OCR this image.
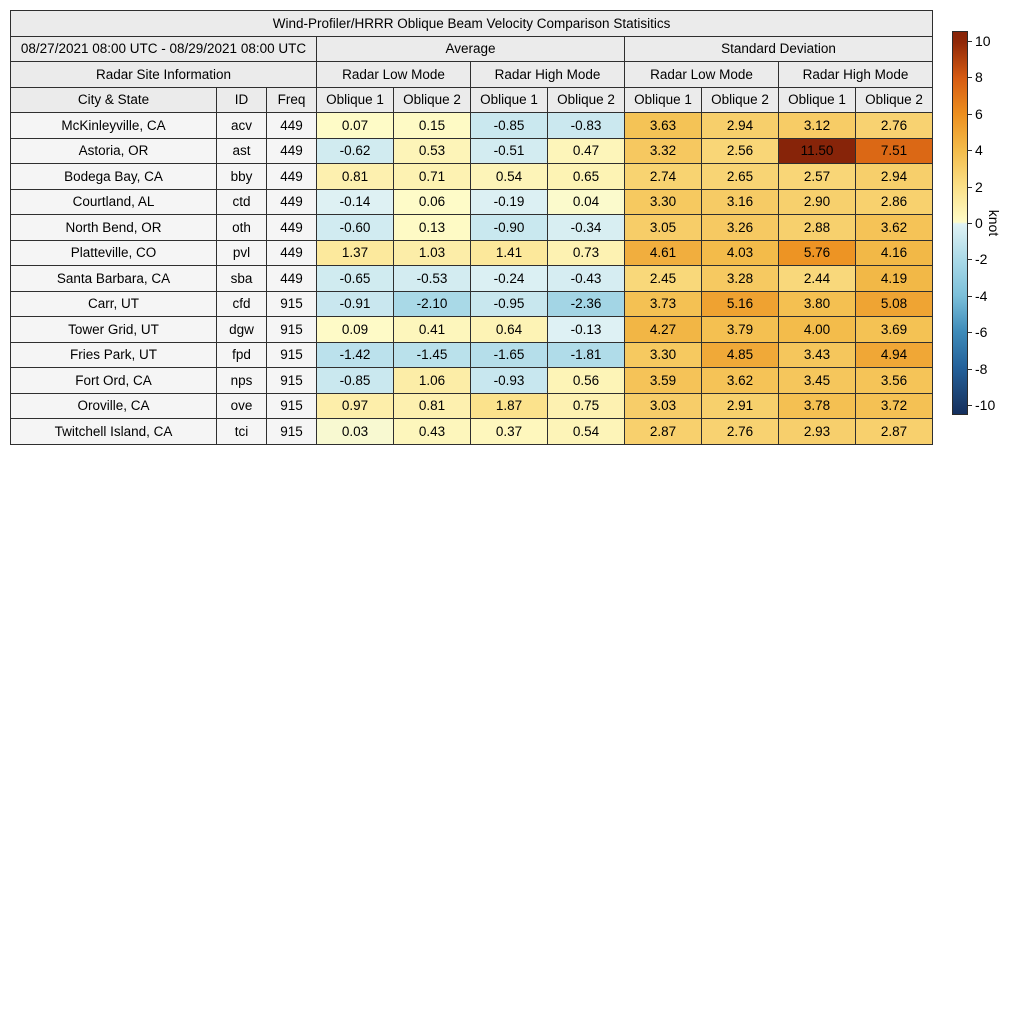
Wind-Profiler/HRRR Oblique Beam Velocity Comparison Statisitics										
08/27/2021 08:00 UTC - 08/29/2021 08:00 UTC			Average				Standard Deviation			
Radar Site Information			Radar Low Mode		Radar High Mode		Radar Low Mode		Radar High Mode	
City & State	ID	Freq	Oblique 1	Oblique 2	Oblique 1	Oblique 2	Oblique 1	Oblique 2	Oblique 1	Oblique 2
McKinleyville, CA	acv	449	0.07	0.15	-0.85	-0.83	3.63	2.94	3.12	2.76
Astoria, OR	ast	449	-0.62	0.53	-0.51	0.47	3.32	2.56	11.50	7.51
Bodega Bay, CA	bby	449	0.81	0.71	0.54	0.65	2.74	2.65	2.57	2.94
Courtland, AL	ctd	449	-0.14	0.06	-0.19	0.04	3.30	3.16	2.90	2.86
North Bend, OR	oth	449	-0.60	0.13	-0.90	-0.34	3.05	3.26	2.88	3.62
Platteville, CO	pvl	449	1.37	1.03	1.41	0.73	4.61	4.03	5.76	4.16
Santa Barbara, CA	sba	449	-0.65	-0.53	-0.24	-0.43	2.45	3.28	2.44	4.19
Carr, UT	cfd	915	-0.91	-2.10	-0.95	-2.36	3.73	5.16	3.80	5.08
Tower Grid, UT	dgw	915	0.09	0.41	0.64	-0.13	4.27	3.79	4.00	3.69
Fries Park, UT	fpd	915	-1.42	-1.45	-1.65	-1.81	3.30	4.85	3.43	4.94
Fort Ord, CA	nps	915	-0.85	1.06	-0.93	0.56	3.59	3.62	3.45	3.56
Oroville, CA	ove	915	0.97	0.81	1.87	0.75	3.03	2.91	3.78	3.72
Twitchell Island, CA	tci	915	0.03	0.43	0.37	0.54	2.87	2.76	2.93	2.87
knot
10
8
6
4
2
0
-2
-4
-6
-8
-10
